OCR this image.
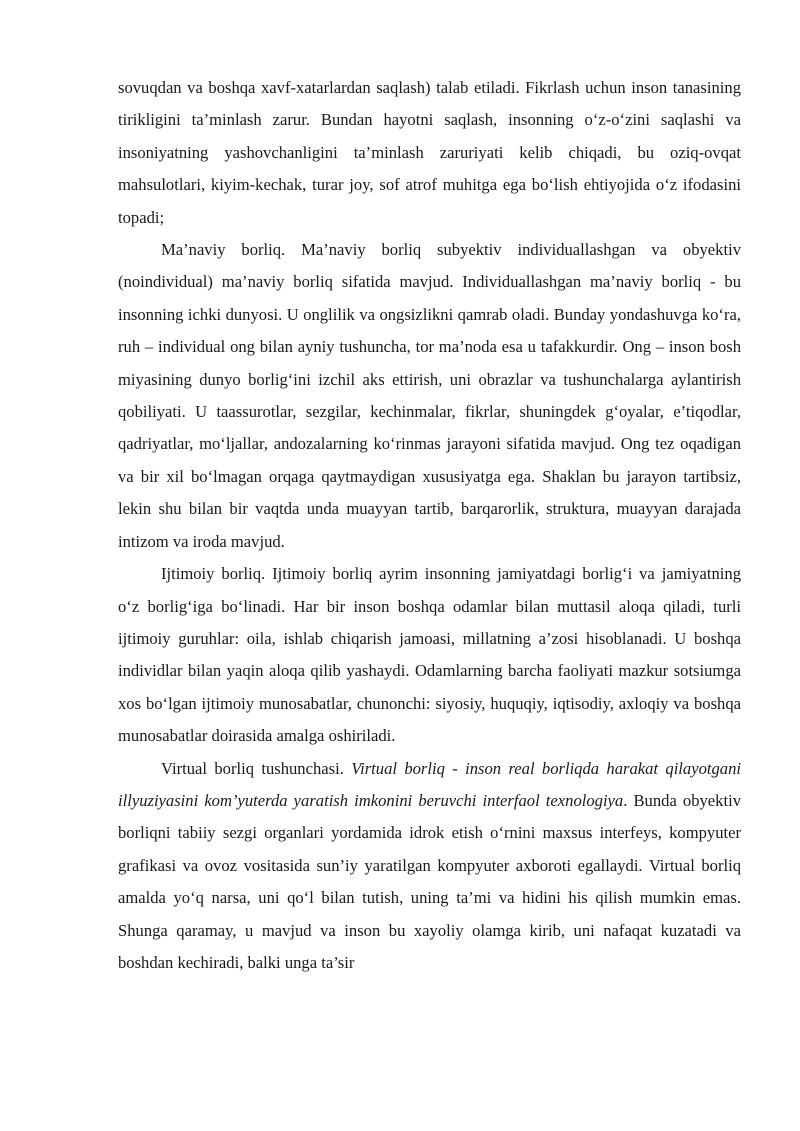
sovuqdan va boshqa xavf-xatarlardan saqlash) talab etiladi. Fikrlash uchun inson tanasining tirikligini ta’minlash zarur. Bundan hayotni saqlash, insonning o‘z-o‘zini saqlashi va insoniyatning yashovchanligini ta’minlash zaruriyati kelib chiqadi, bu oziq-ovqat mahsulotlari, kiyim-kechak, turar joy, sof atrof muhitga ega bo‘lish ehtiyojida o‘z ifodasini topadi;

Ma’naviy borliq. Ma’naviy borliq subyektiv individuallashgan va obyektiv (noindividual) ma’naviy borliq sifatida mavjud. Individuallashgan ma’naviy borliq - bu insonning ichki dunyosi. U onglilik va ongsizlikni qamrab oladi. Bunday yondashuvga ko‘ra, ruh – individual ong bilan ayniy tushuncha, tor ma’noda esa u tafakkurdir. Ong – inson bosh miyasining dunyo borlig‘ini izchil aks ettirish, uni obrazlar va tushunchalarga aylantirish qobiliyati. U taassurotlar, sezgilar, kechinmalar, fikrlar, shuningdek g‘oyalar, e’tiqodlar, qadriyatlar, mo‘ljallar, andozalarning ko‘rinmas jarayoni sifatida mavjud. Ong tez oqadigan va bir xil bo‘lmagan orqaga qaytmaydigan xususiyatga ega. Shaklan bu jarayon tartibsiz, lekin shu bilan bir vaqtda unda muayyan tartib, barqarorlik, struktura, muayyan darajada intizom va iroda mavjud.

Ijtimoiy borliq. Ijtimoiy borliq ayrim insonning jamiyatdagi borlig‘i va jamiyatning o‘z borlig‘iga bo‘linadi. Har bir inson boshqa odamlar bilan muttasil aloqa qiladi, turli ijtimoiy guruhlar: oila, ishlab chiqarish jamoasi, millatning a’zosi hisoblanadi. U boshqa individlar bilan yaqin aloqa qilib yashaydi. Odamlarning barcha faoliyati mazkur sotsiumga xos bo‘lgan ijtimoiy munosabatlar, chunonchi: siyosiy, huquqiy, iqtisodiy, axloqiy va boshqa munosabatlar doirasida amalga oshiriladi.

Virtual borliq tushunchasi. Virtual borliq - inson real borliqda harakat qilayotgani illyuziyasini kom’yuterda yaratish imkonini beruvchi interfaol texnologiya. Bunda obyektiv borliqni tabiiy sezgi organlari yordamida idrok etish o‘rnini maxsus interfeys, kompyuter grafikasi va ovoz vositasida sun’iy yaratilgan kompyuter axboroti egallaydi. Virtual borliq amalda yo‘q narsa, uni qo‘l bilan tutish, uning ta’mi va hidini his qilish mumkin emas. Shunga qaramay, u mavjud va inson bu xayoliy olamga kirib, uni nafaqat kuzatadi va boshdan kechiradi, balki unga ta’sir
